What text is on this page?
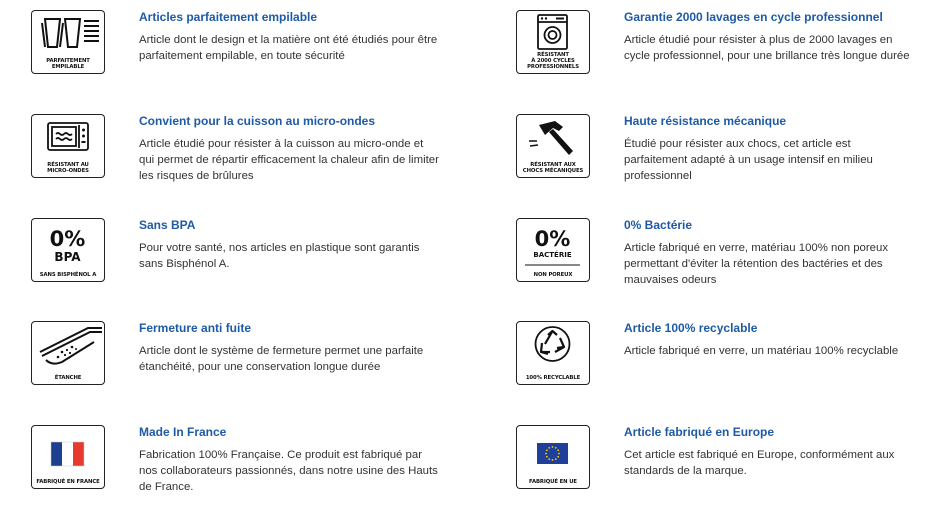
PARFAITEMENT
EMPILABLE
Articles parfaitement empilable
Article dont le design et la matière ont été étudiés pour être parfaitement empilable, en toute sécurité	RÉSISTANT
À 2000 CYCLES
PROFESSIONNELS
Garantie 2000 lavages en cycle professionnel
Article étudié pour résister à plus de 2000 lavages en cycle professionnel, pour une brillance très longue durée
RÉSISTANT AU
MICRO-ONDES
Convient pour la cuisson au micro-ondes
Article étudié pour résister à la cuisson au micro-onde et qui permet de répartir efficacement la chaleur afin de limiter les risques de brûlures
RÉSISTANT AUX
CHOCS MÉCANIQUES
Haute résistance mécanique
Étudié pour résister aux chocs, cet article est parfaitement adapté à un usage intensif en milieu professionnel
0%
BPA
SANS BISPHÉNOL A
Sans BPA
Pour votre santé, nos articles en plastique sont garantis sans Bisphénol A.
0%
BACTÉRIE
NON POREUX
0% Bactérie
Article fabriqué en verre, matériau 100% non poreux permettant d'éviter la rétention des bactéries et des mauvaises odeurs
ÉTANCHE
Fermeture anti fuite
Article dont le système de fermeture permet une parfaite étanchéité, pour une conservation longue durée
100% RECYCLABLE
Article 100% recyclable
Article fabriqué en verre, un matériau 100% recyclable
FABRIQUÉ EN FRANCE
Made In France
Fabrication 100% Française. Ce produit est fabriqué par nos collaborateurs passionnés, dans notre usine des Hauts de France.	FABRIQUÉ EN UE
Article fabriqué en Europe
Cet article est fabriqué en Europe, conformément aux standards de la marque.
